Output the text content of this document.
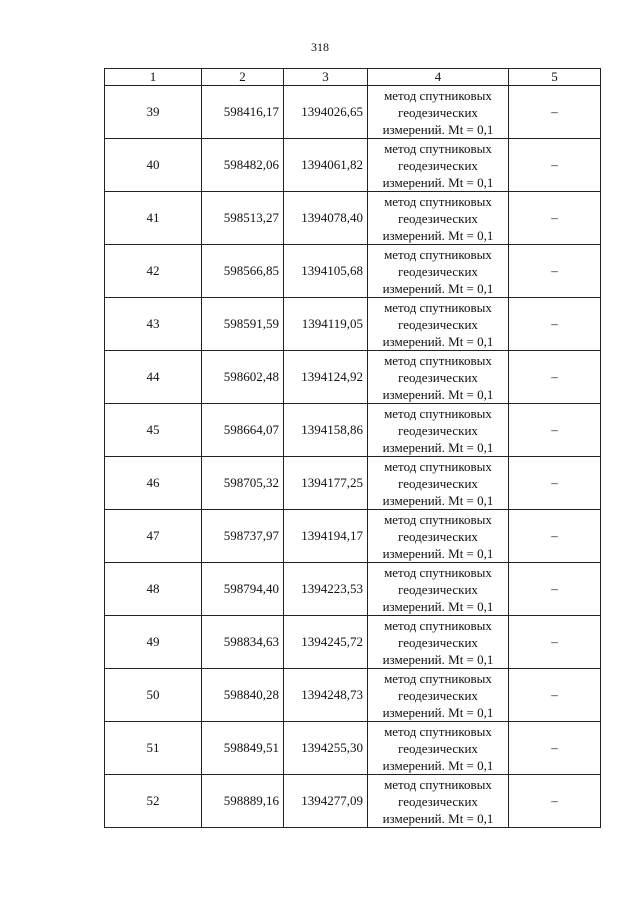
318
1	2	3	4	5
39	598416,17	1394026,65	метод спутниковых
геодезических
измерений. Mt = 0,1	–
40	598482,06	1394061,82	метод спутниковых
геодезических
измерений. Mt = 0,1	–
41	598513,27	1394078,40	метод спутниковых
геодезических
измерений. Mt = 0,1	–
42	598566,85	1394105,68	метод спутниковых
геодезических
измерений. Mt = 0,1	–
43	598591,59	1394119,05	метод спутниковых
геодезических
измерений. Mt = 0,1	–
44	598602,48	1394124,92	метод спутниковых
геодезических
измерений. Mt = 0,1	–
45	598664,07	1394158,86	метод спутниковых
геодезических
измерений. Mt = 0,1	–
46	598705,32	1394177,25	метод спутниковых
геодезических
измерений. Mt = 0,1	–
47	598737,97	1394194,17	метод спутниковых
геодезических
измерений. Mt = 0,1	–
48	598794,40	1394223,53	метод спутниковых
геодезических
измерений. Mt = 0,1	–
49	598834,63	1394245,72	метод спутниковых
геодезических
измерений. Mt = 0,1	–
50	598840,28	1394248,73	метод спутниковых
геодезических
измерений. Mt = 0,1	–
51	598849,51	1394255,30	метод спутниковых
геодезических
измерений. Mt = 0,1	–
52	598889,16	1394277,09	метод спутниковых
геодезических
измерений. Mt = 0,1	–
